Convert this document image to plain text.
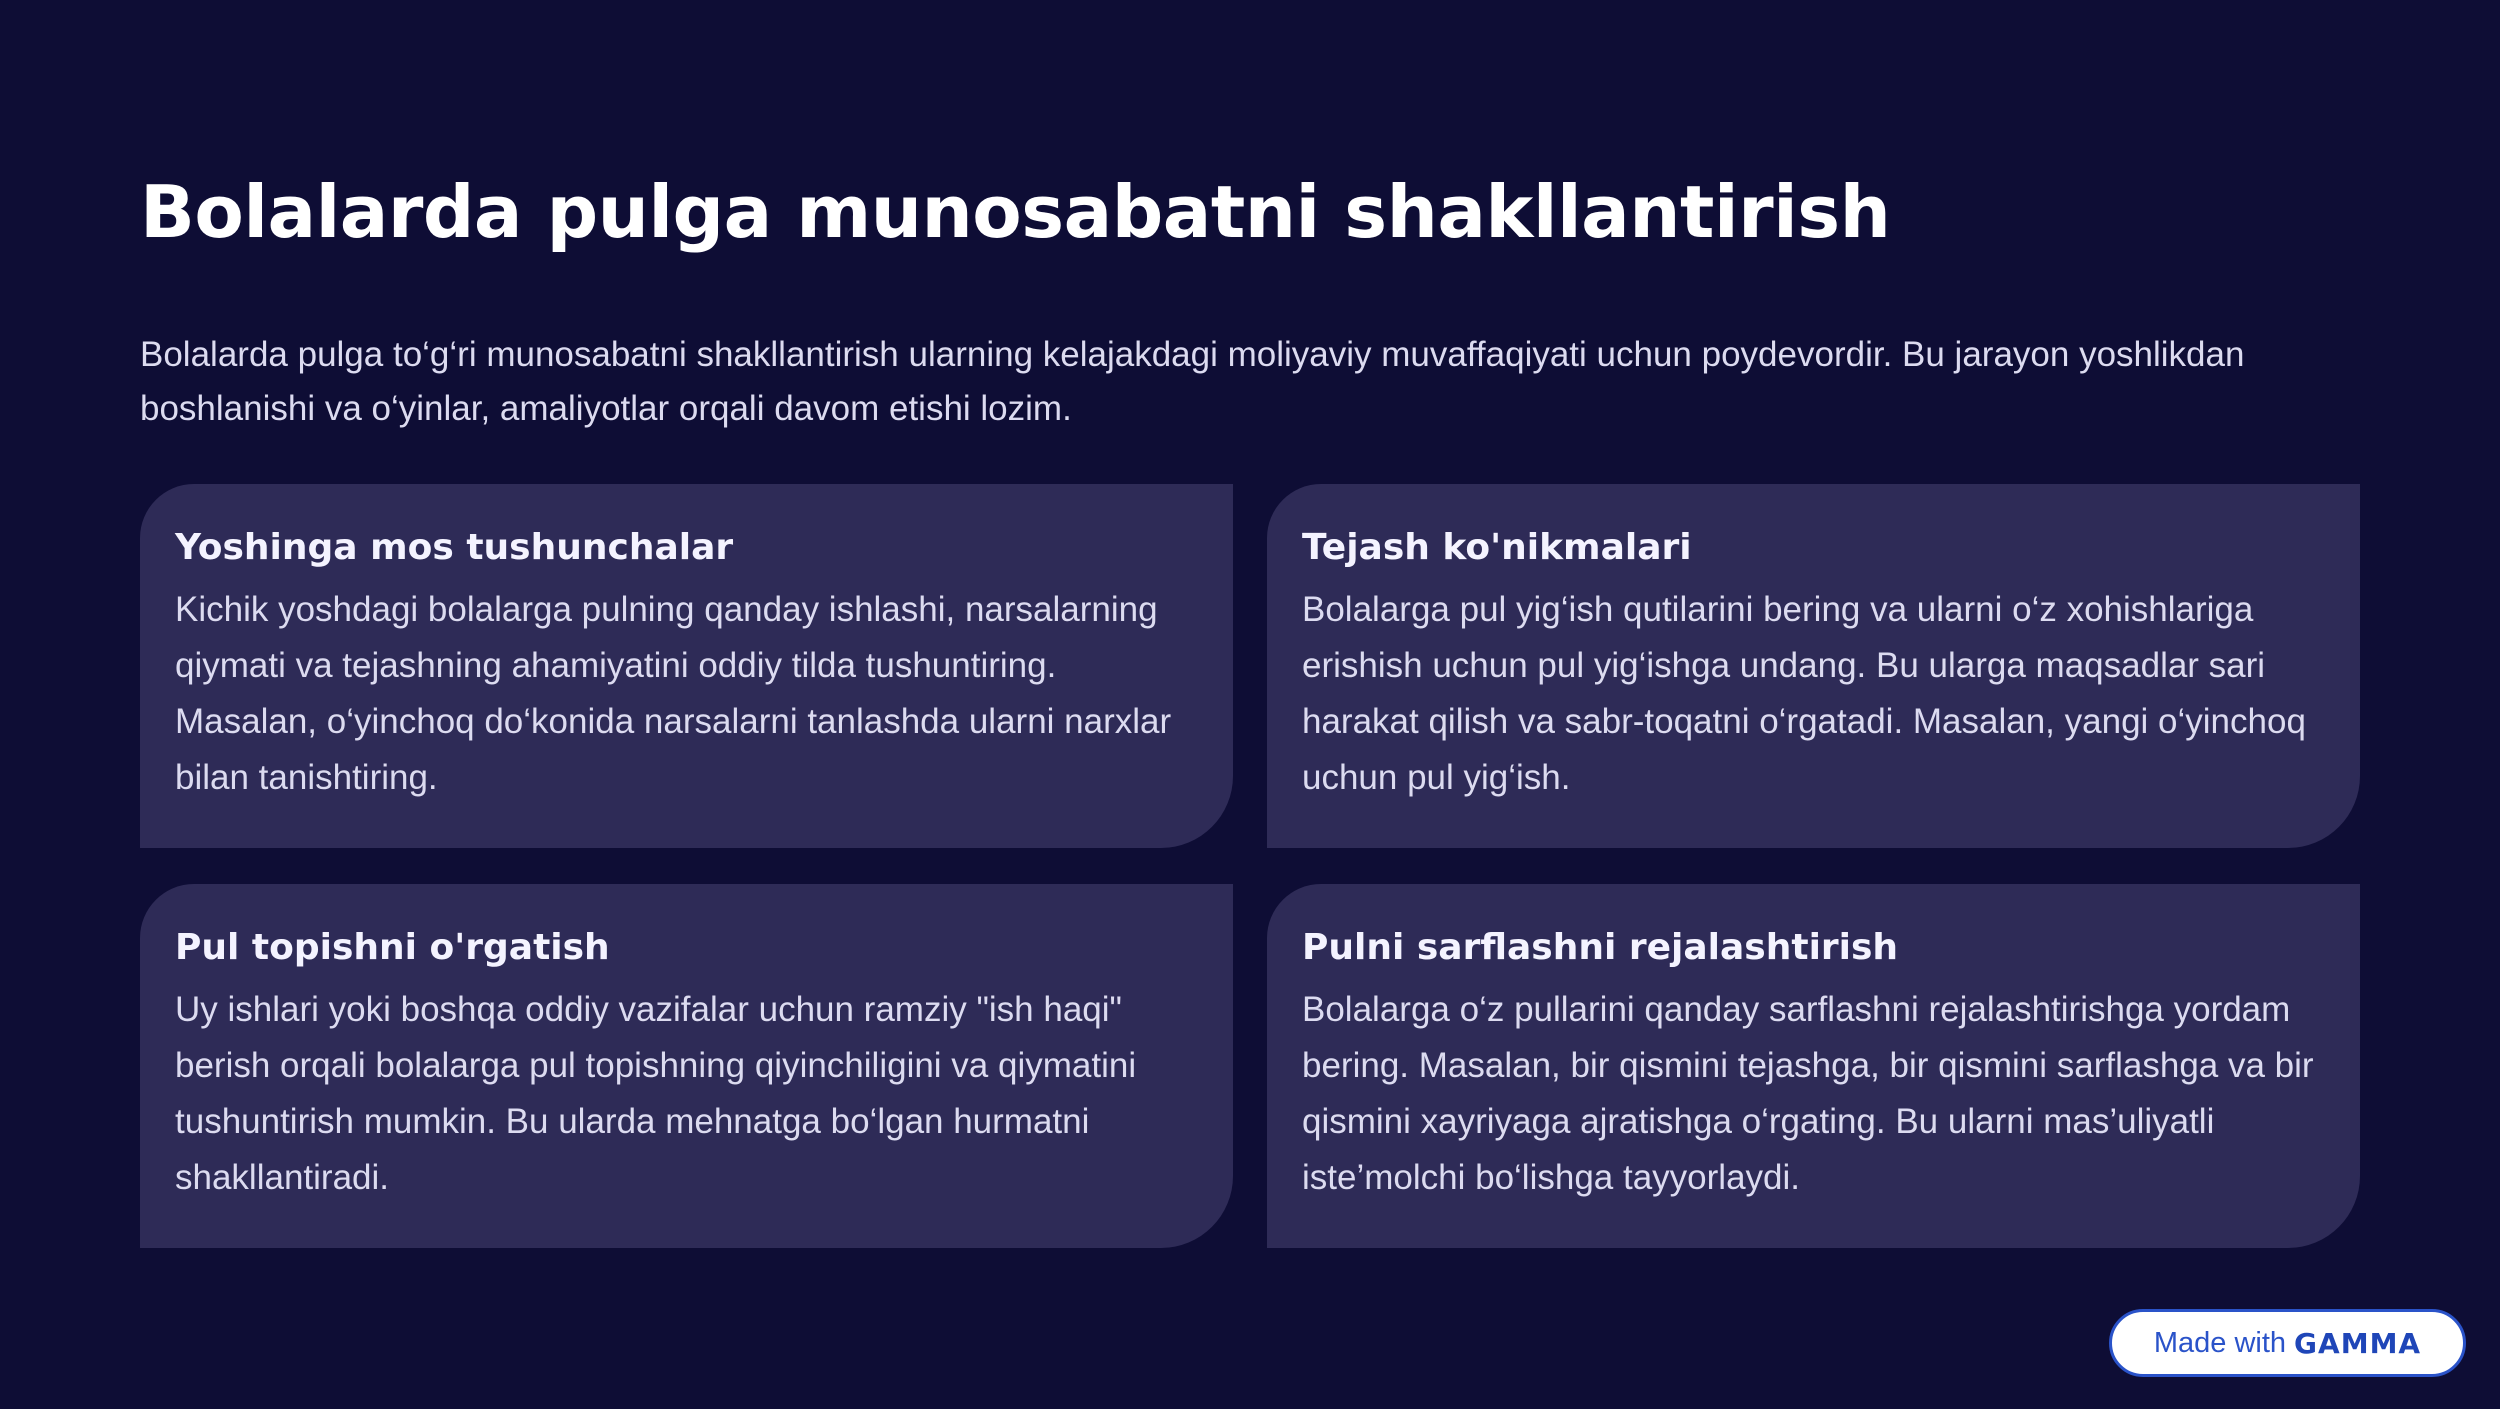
Bolalarda pulga munosabatni shakllantirish

Bolalarda pulga to‘g‘ri munosabatni shakllantirish ularning kelajakdagi moliyaviy muvaffaqiyati uchun poydevordir. Bu jarayon yoshlikdan boshlanishi va o‘yinlar, amaliyotlar orqali davom etishi lozim.

Yoshinga mos tushunchalar
Kichik yoshdagi bolalarga pulning qanday ishlashi, narsalarning qiymati va tejashning ahamiyatini oddiy tilda tushuntiring. Masalan, o‘yinchoq do‘konida narsalarni tanlashda ularni narxlar bilan tanishtiring.
Tejash ko'nikmalari
Bolalarga pul yig‘ish qutilarini bering va ularni o‘z xohishlariga erishish uchun pul yig‘ishga undang. Bu ularga maqsadlar sari harakat qilish va sabr-toqatni o‘rgatadi. Masalan, yangi o‘yinchoq uchun pul yig‘ish.
Pul topishni o'rgatish
Uy ishlari yoki boshqa oddiy vazifalar uchun ramziy "ish haqi" berish orqali bolalarga pul topishning qiyinchiligini va qiymatini tushuntirish mumkin. Bu ularda mehnatga bo‘lgan hurmatni shakllantiradi.
Pulni sarflashni rejalashtirish
Bolalarga o‘z pullarini qanday sarflashni rejalashtirishga yordam bering. Masalan, bir qismini tejashga, bir qismini sarflashga va bir qismini xayriyaga ajratishga o‘rgating. Bu ularni mas’uliyatli iste’molchi bo‘lishga tayyorlaydi.
Made with GAMMA
